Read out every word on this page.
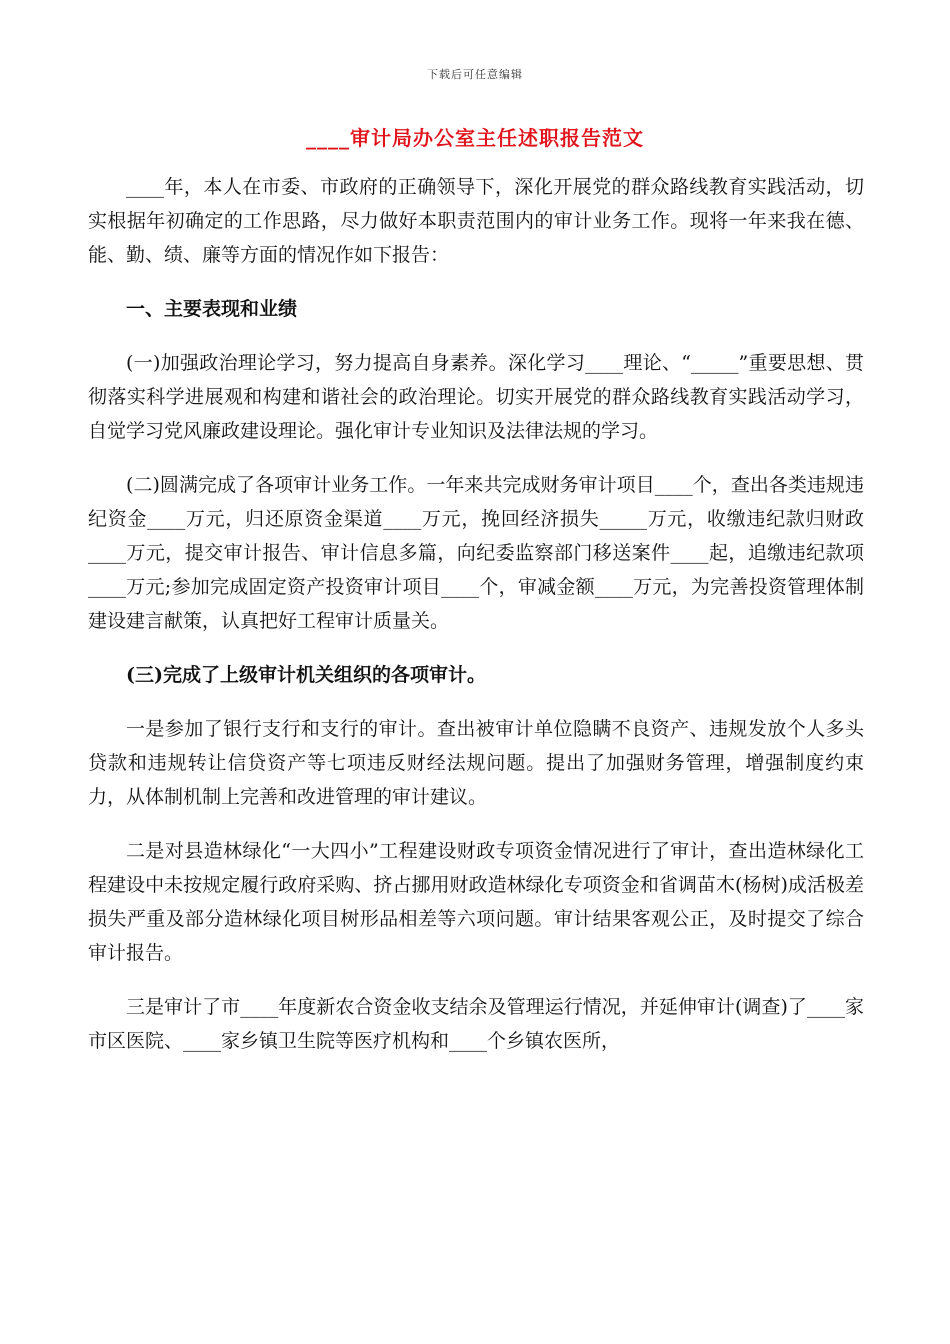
下载后可任意编辑
____审计局办公室主任述职报告范文

____年，本人在市委、市政府的正确领导下，深化开展党的群众路线教育实践活动，切实根据年初确定的工作思路，尽力做好本职责范围内的审计业务工作。现将一年来我在德、能、勤、绩、廉等方面的情况作如下报告：

一、主要表现和业绩

(一)加强政治理论学习，努力提高自身素养。深化学习____理论、“_____”重要思想、贯彻落实科学进展观和构建和谐社会的政治理论。切实开展党的群众路线教育实践活动学习，自觉学习党风廉政建设理论。强化审计专业知识及法律法规的学习。

(二)圆满完成了各项审计业务工作。一年来共完成财务审计项目____个，查出各类违规违纪资金____万元，归还原资金渠道____万元，挽回经济损失_____万元，收缴违纪款归财政____万元，提交审计报告、审计信息多篇，向纪委监察部门移送案件____起，追缴违纪款项____万元;参加完成固定资产投资审计项目____个，审减金额____万元，为完善投资管理体制建设建言献策，认真把好工程审计质量关。

(三)完成了上级审计机关组织的各项审计。

一是参加了银行支行和支行的审计。查出被审计单位隐瞒不良资产、违规发放个人多头贷款和违规转让信贷资产等七项违反财经法规问题。提出了加强财务管理，增强制度约束力，从体制机制上完善和改进管理的审计建议。

二是对县造林绿化“一大四小”工程建设财政专项资金情况进行了审计，查出造林绿化工程建设中未按规定履行政府采购、挤占挪用财政造林绿化专项资金和省调苗木(杨树)成活极差损失严重及部分造林绿化项目树形品相差等六项问题。审计结果客观公正，及时提交了综合审计报告。

三是审计了市____年度新农合资金收支结余及管理运行情况，并延伸审计(调查)了____家市区医院、____家乡镇卫生院等医疗机构和____个乡镇农医所，
